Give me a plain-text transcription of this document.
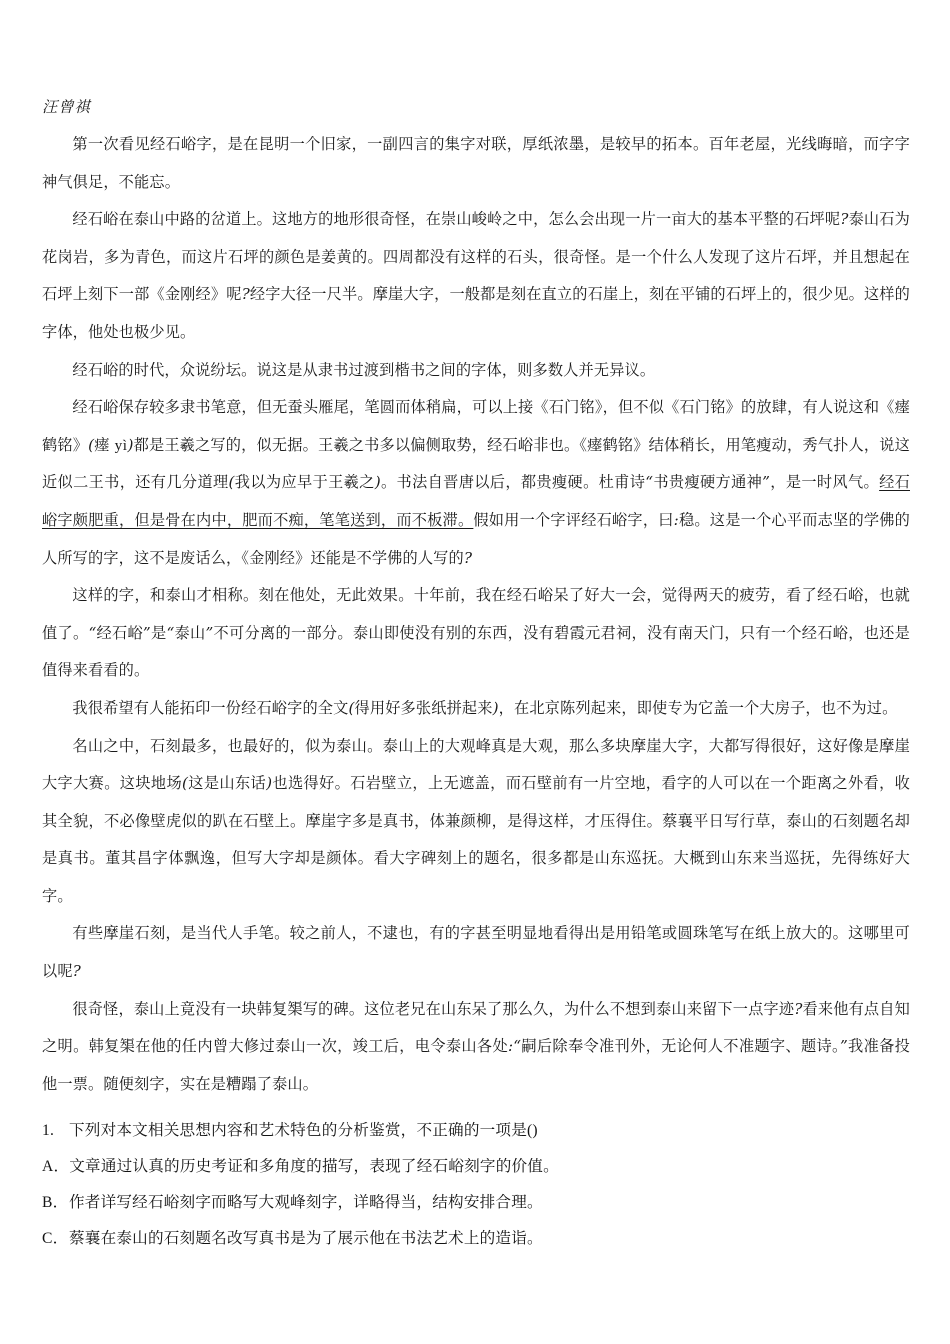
汪曾祺

第一次看见经石峪字，是在昆明一个旧家，一副四言的集字对联，厚纸浓墨，是较早的拓本。百年老屋，光线晦暗，而字字神气俱足，不能忘。

经石峪在泰山中路的岔道上。这地方的地形很奇怪，在崇山峻岭之中，怎么会出现一片一亩大的基本平整的石坪呢?泰山石为花岗岩，多为青色，而这片石坪的颜色是姜黄的。四周都没有这样的石头，很奇怪。是一个什么人发现了这片石坪，并且想起在石坪上刻下一部《金刚经》呢?经字大径一尺半。摩崖大字，一般都是刻在直立的石崖上，刻在平铺的石坪上的，很少见。这样的字体，他处也极少见。

经石峪的时代，众说纷坛。说这是从隶书过渡到楷书之间的字体，则多数人并无异议。

经石峪保存较多隶书笔意，但无蚕头雁尾，笔圆而体稍扁，可以上接《石门铭》，但不似《石门铭》的放肆，有人说这和《瘗鹤铭》(瘗 yì)都是王羲之写的，似无据。王羲之书多以偏侧取势，经石峪非也。《瘗鹤铭》结体稍长，用笔瘦动，秀气扑人，说这近似二王书，还有几分道理(我以为应早于王羲之)。书法自晋唐以后，都贵瘦硬。杜甫诗“书贵瘦硬方通神”，是一时风气。经石峪字颇肥重，但是骨在内中，肥而不痴，笔笔送到，而不板滞。假如用一个字评经石峪字，曰:稳。这是一个心平而志坚的学佛的人所写的字，这不是废话么，《金刚经》还能是不学佛的人写的?

这样的字，和泰山才相称。刻在他处，无此效果。十年前，我在经石峪呆了好大一会，觉得两天的疲劳，看了经石峪，也就值了。“经石峪”是“泰山”不可分离的一部分。泰山即使没有别的东西，没有碧霞元君祠，没有南天门，只有一个经石峪，也还是值得来看看的。

我很希望有人能拓印一份经石峪字的全文(得用好多张纸拼起来)，在北京陈列起来，即使专为它盖一个大房子，也不为过。

名山之中，石刻最多，也最好的，似为泰山。泰山上的大观峰真是大观，那么多块摩崖大字，大都写得很好，这好像是摩崖大字大赛。这块地场(这是山东话)也选得好。石岩壁立，上无遮盖，而石壁前有一片空地，看字的人可以在一个距离之外看，收其全貌，不必像壁虎似的趴在石壁上。摩崖字多是真书，体兼颜柳，是得这样，才压得住。蔡襄平日写行草，泰山的石刻题名却是真书。董其昌字体飘逸，但写大字却是颜体。看大字碑刻上的题名，很多都是山东巡抚。大概到山东来当巡抚，先得练好大字。

有些摩崖石刻，是当代人手笔。较之前人，不逮也，有的字甚至明显地看得出是用铅笔或圆珠笔写在纸上放大的。这哪里可以呢?

很奇怪，泰山上竟没有一块韩复榘写的碑。这位老兄在山东呆了那么久，为什么不想到泰山来留下一点字迹?看来他有点自知之明。韩复榘在他的任内曾大修过泰山一次，竣工后，电令泰山各处:“嗣后除奉令准刊外，无论何人不准题字、题诗。”我准备投他一票。随便刻字，实在是糟蹋了泰山。

1. 下列对本文相关思想内容和艺术特色的分析鉴赏，不正确的一项是()
A． 文章通过认真的历史考证和多角度的描写，表现了经石峪刻字的价值。
B． 作者详写经石峪刻字而略写大观峰刻字，详略得当，结构安排合理。
C． 蔡襄在泰山的石刻题名改写真书是为了展示他在书法艺术上的造诣。
